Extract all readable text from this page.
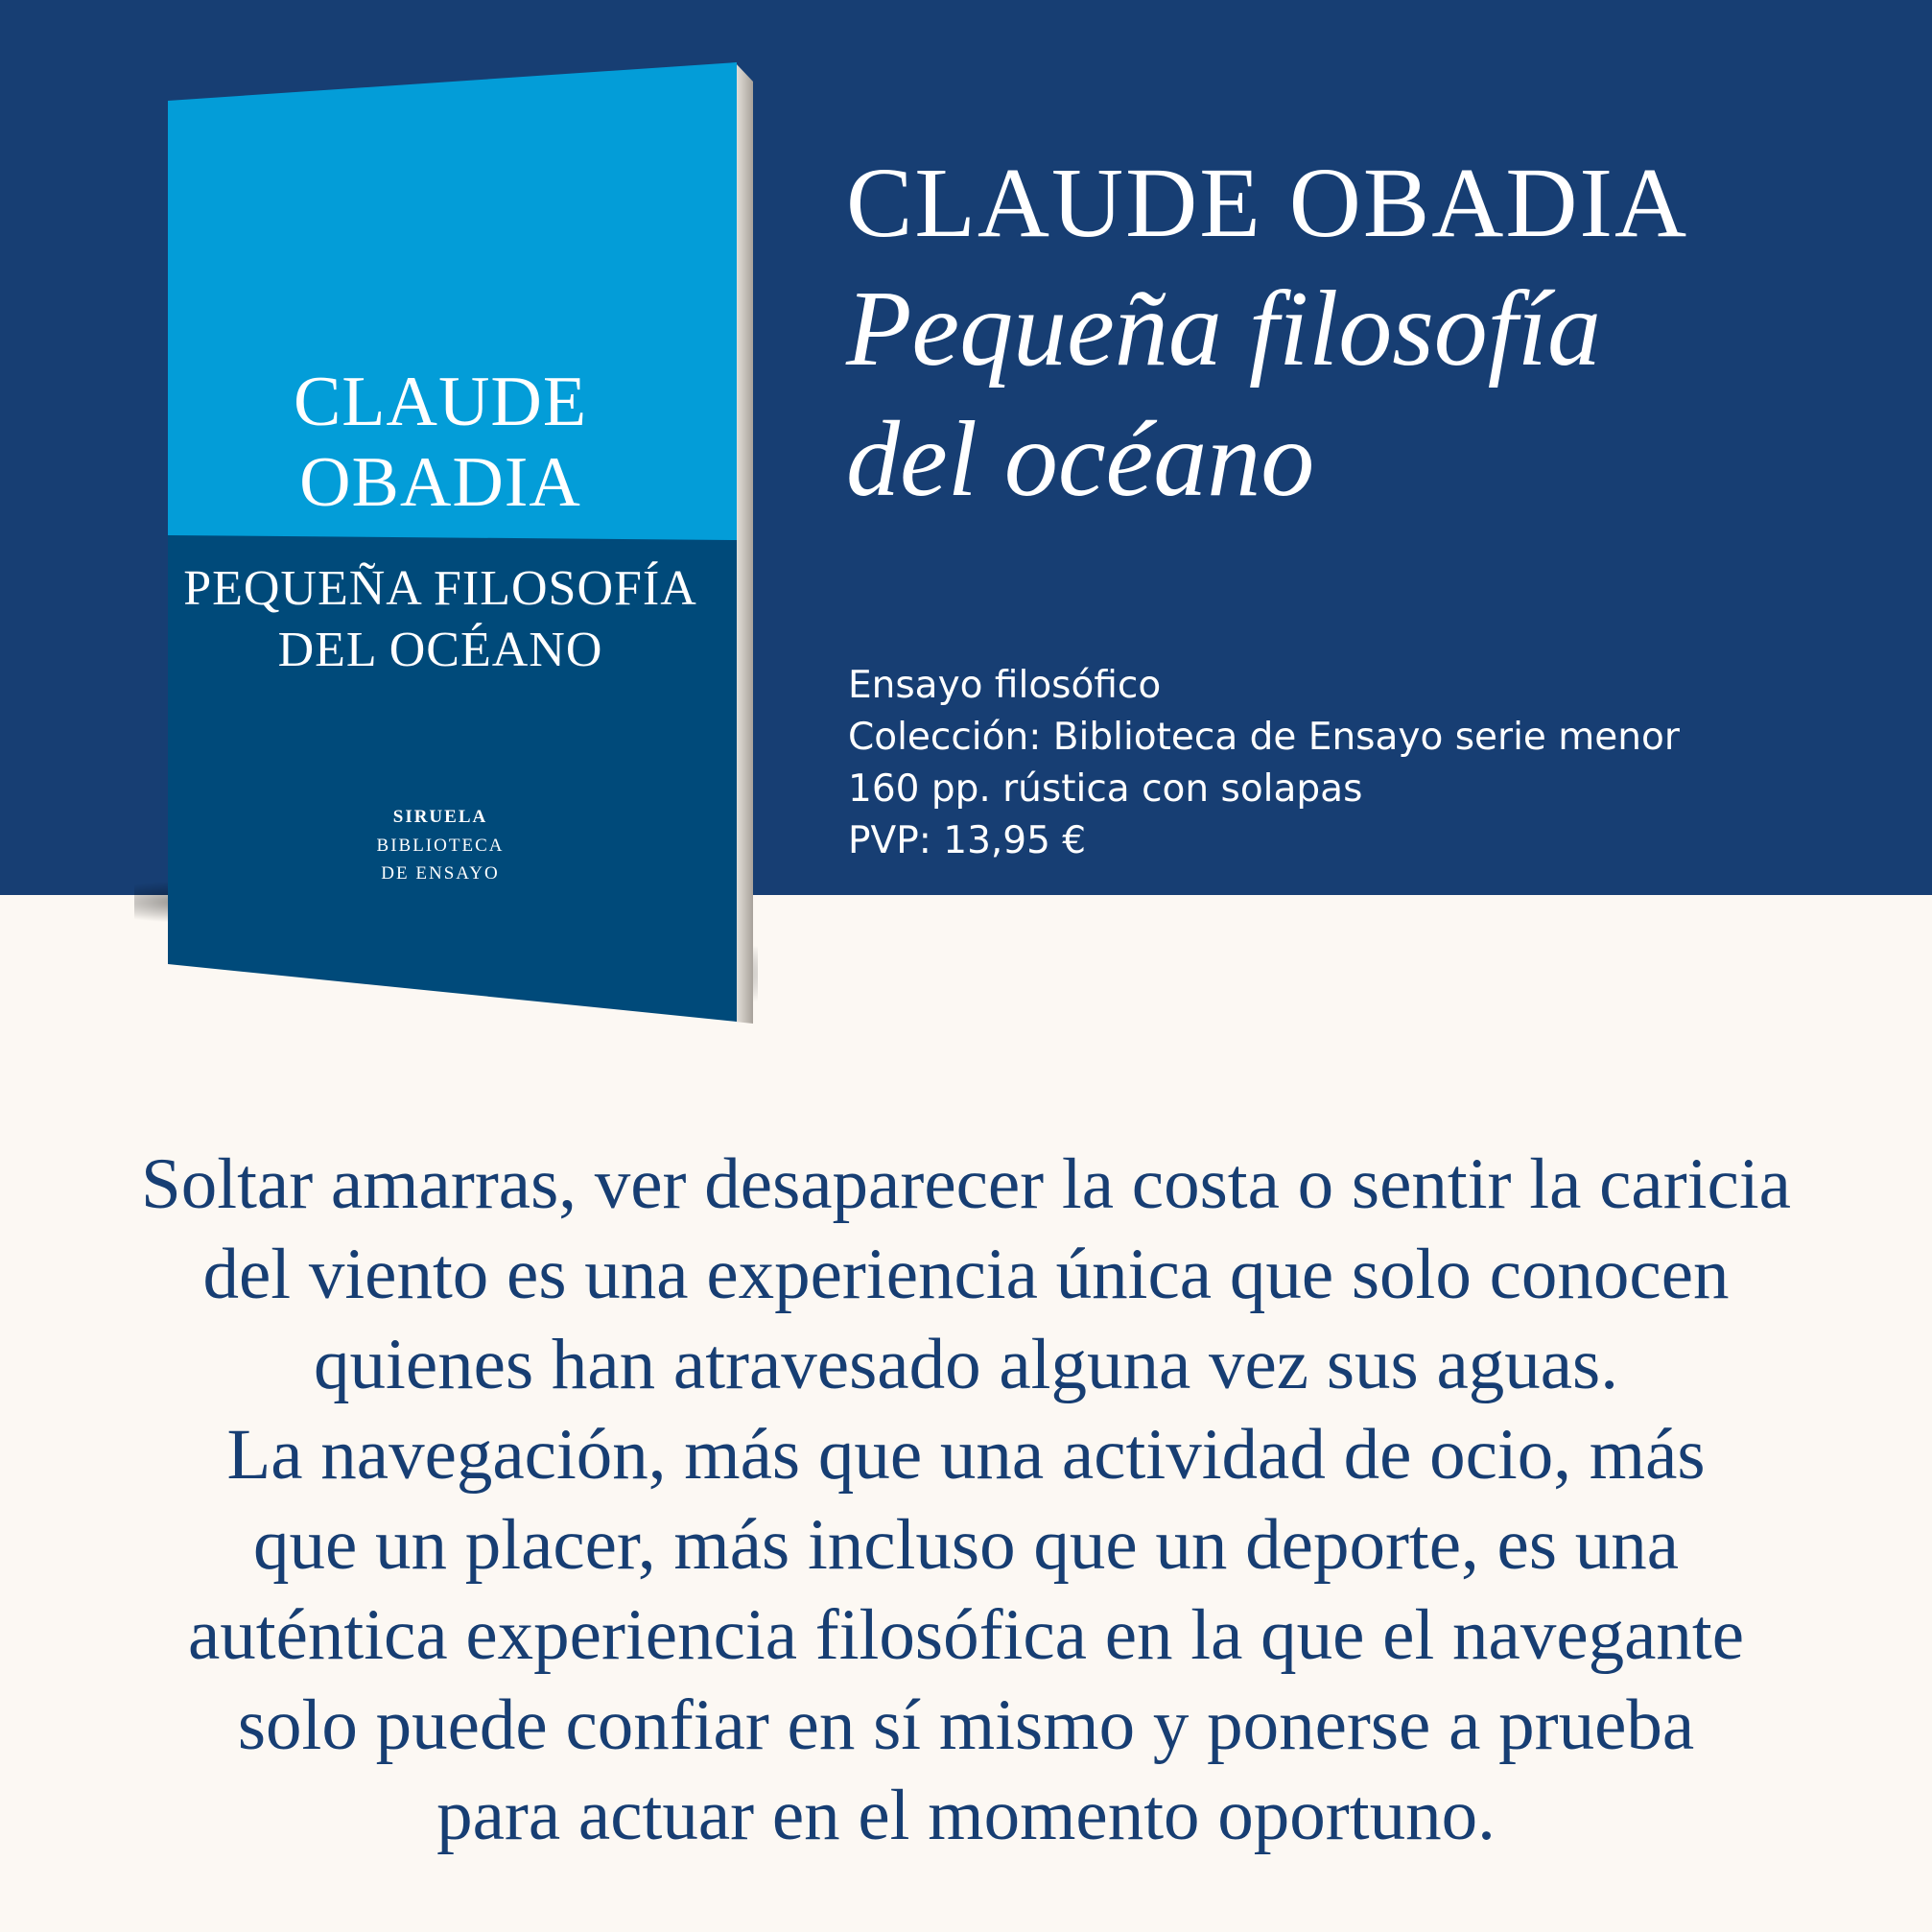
CLAUDE
OBADIA
PEQUEÑA FILOSOFÍA
DEL OCÉANO
SIRUELA
BIBLIOTECA
DE ENSAYO
CLAUDE OBADIA
Pequeña filosofía
del océano
Ensayo filosófico
Colección: Biblioteca de Ensayo serie menor
160 pp. rústica con solapas
PVP: 13,95 €
Soltar amarras, ver desaparecer la costa o sentir la caricia
del viento es una experiencia única que solo conocen
quienes han atravesado alguna vez sus aguas.
La navegación, más que una actividad de ocio, más
que un placer, más incluso que un deporte, es una
auténtica experiencia filosófica en la que el navegante
solo puede confiar en sí mismo y ponerse a prueba
para actuar en el momento oportuno.
